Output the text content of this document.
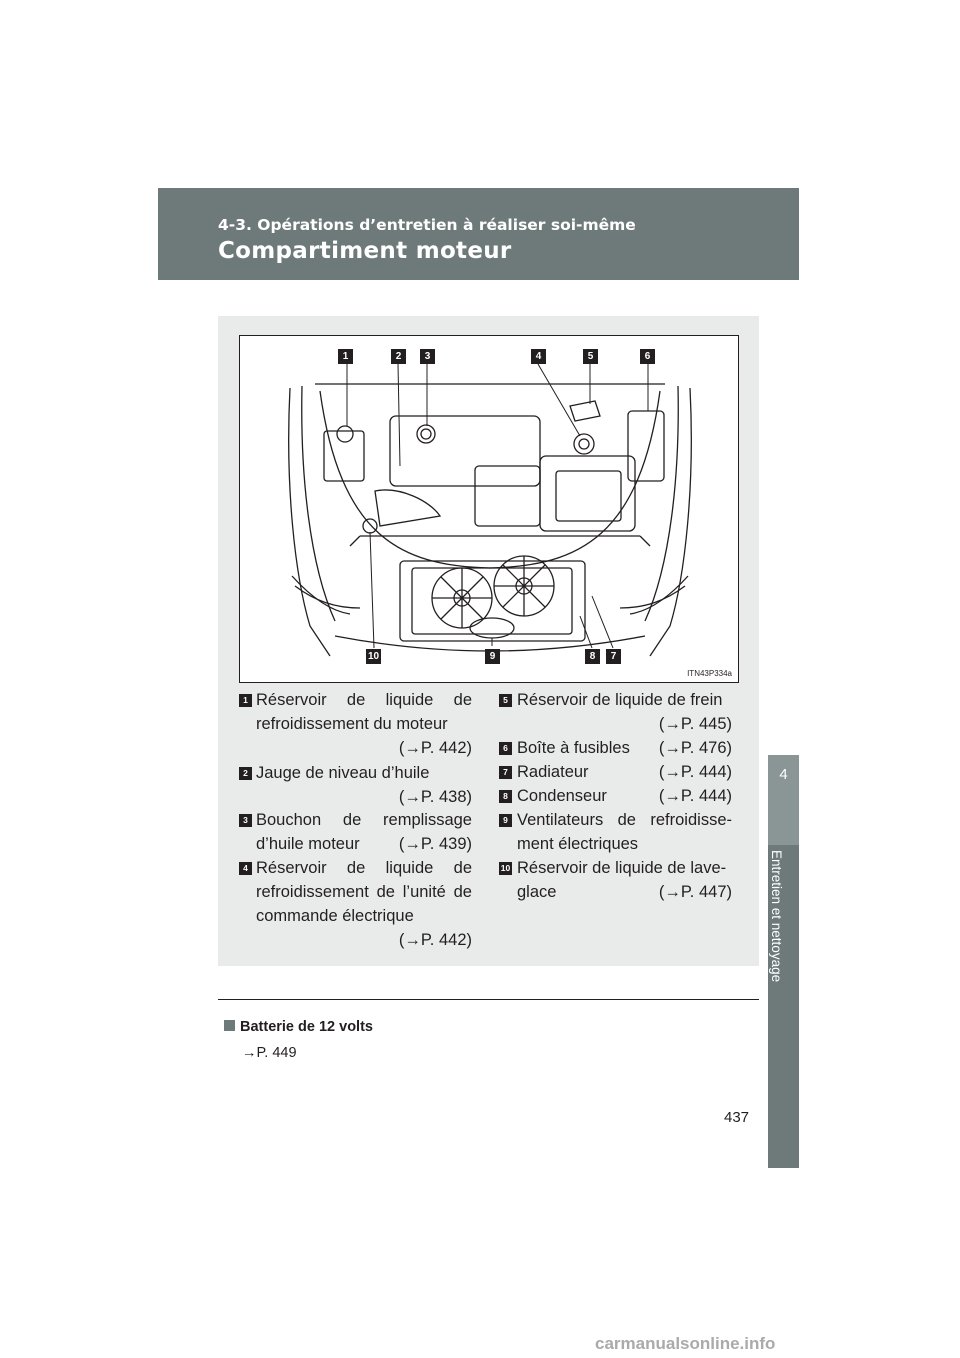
4-3. Opérations d’entretien à réaliser soi-même
Compartiment moteur
4
Entretien et nettoyage
1	2	3	4	5	6
7
8
9
10
ITN43P334a
1 Réservoir de liquide de
refroidissement du moteur
(→P. 442)
2 Jauge de niveau d’huile
(→P. 438)
3 Bouchon de remplissage
d’huile moteur (→P. 439)
4 Réservoir de liquide de
refroidissement de l’unité de
commande électrique
(→P. 442)
5 Réservoir de liquide de frein
(→P. 445)
6 Boîte à fusibles (→P. 476)
7 Radiateur	(→P. 444)
8 Condenseur	(→P. 444)
9 Ventilateurs de refroidisse-
ment électriques
10 Réservoir de liquide de lave-
glace	(→P. 447)
Batterie de 12 volts
→P. 449
437
carmanualsonline.info
